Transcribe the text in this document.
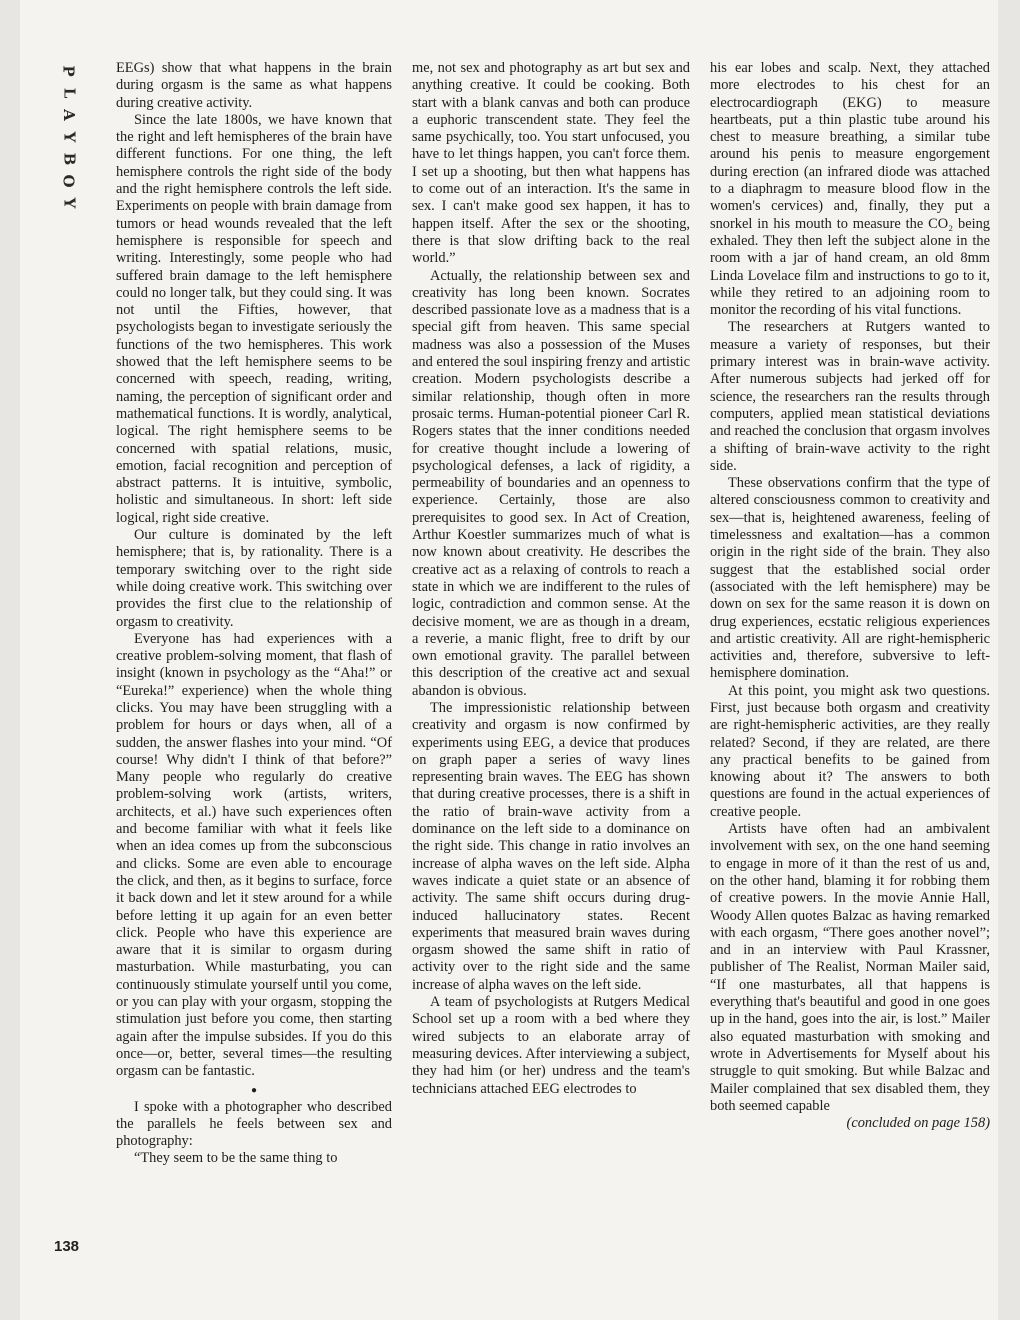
P
L
A
Y
B
O
Y
138

EEGs) show that what happens in the brain during orgasm is the same as what happens during creative activity.

Since the late 1800s, we have known that the right and left hemispheres of the brain have different functions. For one thing, the left hemisphere controls the right side of the body and the right hemisphere controls the left side. Experiments on people with brain damage from tumors or head wounds revealed that the left hemisphere is responsible for speech and writing. Interestingly, some people who had suffered brain damage to the left hemisphere could no longer talk, but they could sing. It was not until the Fifties, however, that psychologists began to investigate seriously the functions of the two hemispheres. This work showed that the left hemisphere seems to be concerned with speech, reading, writing, naming, the perception of significant order and mathematical functions. It is wordly, analytical, logical. The right hemisphere seems to be concerned with spatial relations, music, emotion, facial recognition and perception of abstract patterns. It is intuitive, symbolic, holistic and simultaneous. In short: left side logical, right side creative.

Our culture is dominated by the left hemisphere; that is, by rationality. There is a temporary switching over to the right side while doing creative work. This switching over provides the first clue to the relationship of orgasm to creativity.

Everyone has had experiences with a creative problem-solving moment, that flash of insight (known in psychology as the “Aha!” or “Eureka!” experience) when the whole thing clicks. You may have been struggling with a problem for hours or days when, all of a sudden, the answer flashes into your mind. “Of course! Why didn't I think of that before?” Many people who regularly do creative problem-solving work (artists, writers, architects, et al.) have such experiences often and become familiar with what it feels like when an idea comes up from the subconscious and clicks. Some are even able to encourage the click, and then, as it begins to surface, force it back down and let it stew around for a while before letting it up again for an even better click. People who have this experience are aware that it is similar to orgasm during masturbation. While masturbating, you can continuously stimulate yourself until you come, or you can play with your orgasm, stopping the stimulation just before you come, then starting again after the impulse subsides. If you do this once—or, better, several times—the resulting orgasm can be fantastic.

●

I spoke with a photographer who described the parallels he feels between sex and photography:

“They seem to be the same thing to

me, not sex and photography as art but sex and anything creative. It could be cooking. Both start with a blank canvas and both can produce a euphoric transcendent state. They feel the same psychically, too. You start unfocused, you have to let things happen, you can't force them. I set up a shooting, but then what happens has to come out of an interaction. It's the same in sex. I can't make good sex happen, it has to happen itself. After the sex or the shooting, there is that slow drifting back to the real world.”

Actually, the relationship between sex and creativity has long been known. Socrates described passionate love as a madness that is a special gift from heaven. This same special madness was also a possession of the Muses and entered the soul inspiring frenzy and artistic creation. Modern psychologists describe a similar relationship, though often in more prosaic terms. Human-potential pioneer Carl R. Rogers states that the inner conditions needed for creative thought include a lowering of psychological defenses, a lack of rigidity, a permeability of boundaries and an openness to experience. Certainly, those are also prerequisites to good sex. In Act of Creation, Arthur Koestler summarizes much of what is now known about creativity. He describes the creative act as a relaxing of controls to reach a state in which we are indifferent to the rules of logic, contradiction and common sense. At the decisive moment, we are as though in a dream, a reverie, a manic flight, free to drift by our own emotional gravity. The parallel between this description of the creative act and sexual abandon is obvious.

The impressionistic relationship between creativity and orgasm is now confirmed by experiments using EEG, a device that produces on graph paper a series of wavy lines representing brain waves. The EEG has shown that during creative processes, there is a shift in the ratio of brain-wave activity from a dominance on the left side to a dominance on the right side. This change in ratio involves an increase of alpha waves on the left side. Alpha waves indicate a quiet state or an absence of activity. The same shift occurs during drug-induced hallucinatory states. Recent experiments that measured brain waves during orgasm showed the same shift in ratio of activity over to the right side and the same increase of alpha waves on the left side.

A team of psychologists at Rutgers Medical School set up a room with a bed where they wired subjects to an elaborate array of measuring devices. After interviewing a subject, they had him (or her) undress and the team's technicians attached EEG electrodes to

his ear lobes and scalp. Next, they attached more electrodes to his chest for an electrocardiograph (EKG) to measure heartbeats, put a thin plastic tube around his chest to measure breathing, a similar tube around his penis to measure engorgement during erection (an infrared diode was attached to a diaphragm to measure blood flow in the women's cervices) and, finally, they put a snorkel in his mouth to measure the CO₂ being exhaled. They then left the subject alone in the room with a jar of hand cream, an old 8mm Linda Lovelace film and instructions to go to it, while they retired to an adjoining room to monitor the recording of his vital functions.

The researchers at Rutgers wanted to measure a variety of responses, but their primary interest was in brain-wave activity. After numerous subjects had jerked off for science, the researchers ran the results through computers, applied mean statistical deviations and reached the conclusion that orgasm involves a shifting of brain-wave activity to the right side.

These observations confirm that the type of altered consciousness common to creativity and sex—that is, heightened awareness, feeling of timelessness and exaltation—has a common origin in the right side of the brain. They also suggest that the established social order (associated with the left hemisphere) may be down on sex for the same reason it is down on drug experiences, ecstatic religious experiences and artistic creativity. All are right-hemispheric activities and, therefore, subversive to left-hemisphere domination.

At this point, you might ask two questions. First, just because both orgasm and creativity are right-hemispheric activities, are they really related? Second, if they are related, are there any practical benefits to be gained from knowing about it? The answers to both questions are found in the actual experiences of creative people.

Artists have often had an ambivalent involvement with sex, on the one hand seeming to engage in more of it than the rest of us and, on the other hand, blaming it for robbing them of creative powers. In the movie Annie Hall, Woody Allen quotes Balzac as having remarked with each orgasm, “There goes another novel”; and in an interview with Paul Krassner, publisher of The Realist, Norman Mailer said, “If one masturbates, all that happens is everything that's beautiful and good in one goes up in the hand, goes into the air, is lost.” Mailer also equated masturbation with smoking and wrote in Advertisements for Myself about his struggle to quit smoking. But while Balzac and Mailer complained that sex disabled them, they both seemed capable

(concluded on page 158)
